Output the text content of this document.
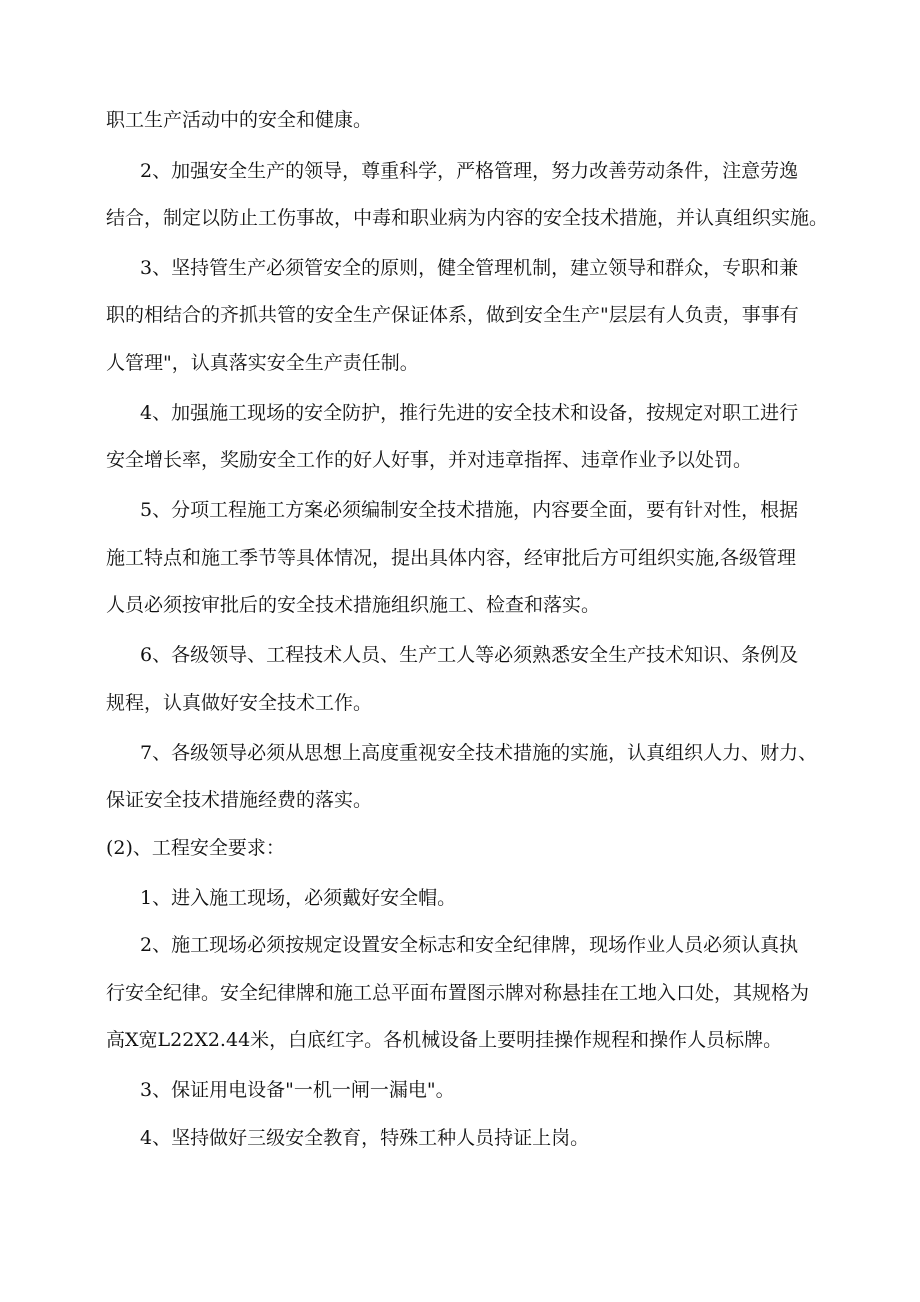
职工生产活动中的安全和健康。
2、加强安全生产的领导，尊重科学，严格管理，努力改善劳动条件，注意劳逸
结合，制定以防止工伤事故，中毒和职业病为内容的安全技术措施，并认真组织实施。
3、坚持管生产必须管安全的原则，健全管理机制，建立领导和群众，专职和兼
职的相结合的齐抓共管的安全生产保证体系，做到安全生产"层层有人负责，事事有
人管理"，认真落实安全生产责任制。
4、加强施工现场的安全防护，推行先进的安全技术和设备，按规定对职工进行
安全增长率，奖励安全工作的好人好事，并对违章指挥、违章作业予以处罚。
5、分项工程施工方案必须编制安全技术措施，内容要全面，要有针对性，根据
施工特点和施工季节等具体情况，提出具体内容，经审批后方可组织实施,各级管理
人员必须按审批后的安全技术措施组织施工、检查和落实。
6、各级领导、工程技术人员、生产工人等必须熟悉安全生产技术知识、条例及
规程，认真做好安全技术工作。
7、各级领导必须从思想上高度重视安全技术措施的实施，认真组织人力、财力、
保证安全技术措施经费的落实。
(2)、工程安全要求：
1、进入施工现场，必须戴好安全帽。
2、施工现场必须按规定设置安全标志和安全纪律牌，现场作业人员必须认真执
行安全纪律。安全纪律牌和施工总平面布置图示牌对称悬挂在工地入口处，其规格为
高X宽L22X2.44米，白底红字。各机械设备上要明挂操作规程和操作人员标牌。
3、保证用电设备"一机一闸一漏电"。
4、坚持做好三级安全教育，特殊工种人员持证上岗。
